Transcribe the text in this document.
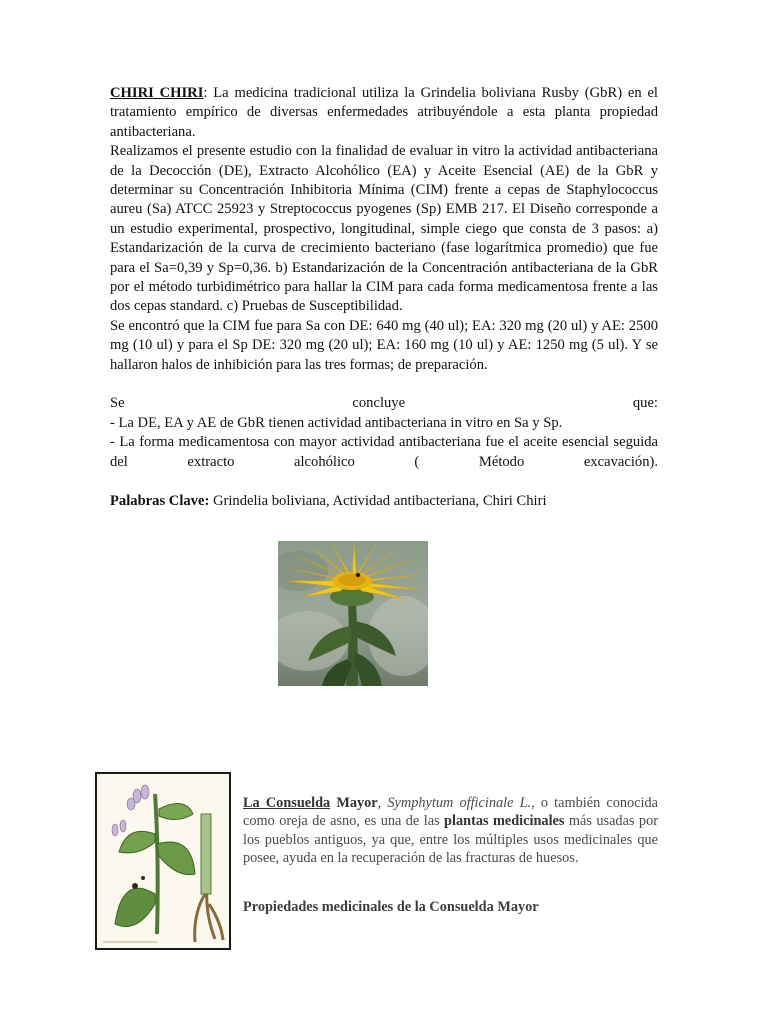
CHIRI CHIRI: La medicina tradicional utiliza la Grindelia boliviana Rusby (GbR) en el tratamiento empírico de diversas enfermedades atribuyéndole a esta planta propiedad antibacteriana.

Realizamos el presente estudio con la finalidad de evaluar in vitro la actividad antibacteriana de la Decocción (DE), Extracto Alcohólico (EA) y Aceite Esencial (AE) de la GbR y determinar su Concentración Inhibitoria Mínima (CIM) frente a cepas de Staphylococcus aureu (Sa) ATCC 25923 y Streptococcus pyogenes (Sp) EMB 217. El Diseño corresponde a un estudio experimental, prospectivo, longitudinal, simple ciego que consta de 3 pasos: a) Estandarización de la curva de crecimiento bacteriano (fase logarítmica promedio) que fue para el Sa=0,39 y Sp=0,36. b) Estandarización de la Concentración antibacteriana de la GbR por el método turbidimétrico para hallar la CIM para cada forma medicamentosa frente a las dos cepas standard. c) Pruebas de Susceptibilidad.

Se encontró que la CIM fue para Sa con DE: 640 mg (40 ul); EA: 320 mg (20 ul) y AE: 2500 mg (10 ul) y para el Sp DE: 320 mg (20 ul); EA: 160 mg (10 ul) y AE: 1250 mg (5 ul). Y se hallaron halos de inhibición para las tres formas; de preparación.

Se concluye que:

- La DE, EA y AE de GbR tienen actividad antibacteriana in vitro en Sa y Sp.

- La forma medicamentosa con mayor actividad antibacteriana fue el aceite esencial seguida del extracto alcohólico ( Método excavación).

Palabras Clave: Grindelia boliviana, Actividad antibacteriana, Chiri Chiri

La Consuelda Mayor, Symphytum officinale L., o también conocida como oreja de asno, es una de las plantas medicinales más usadas por los pueblos antiguos, ya que, entre los múltiples usos medicinales que posee, ayuda en la recuperación de las fracturas de huesos.

Propiedades medicinales de la Consuelda Mayor
